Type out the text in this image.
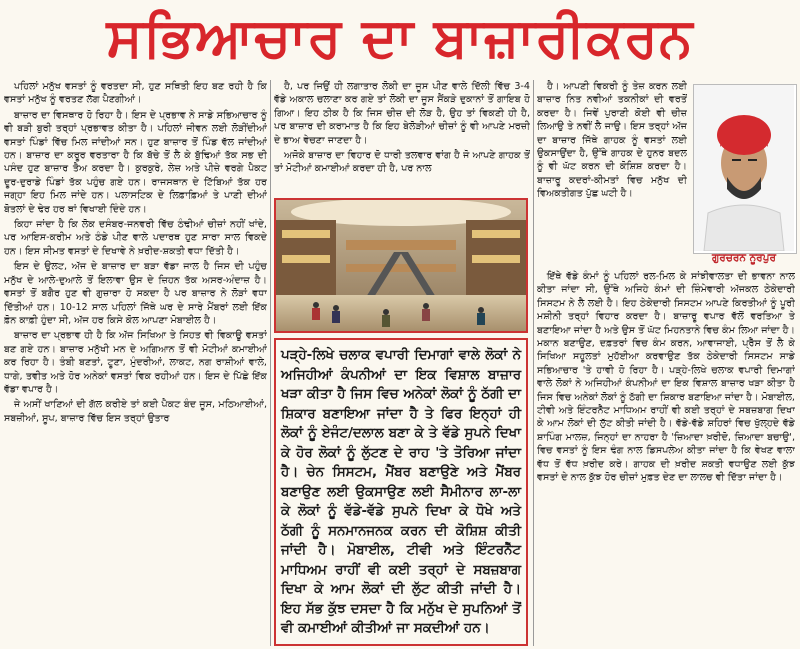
ਸਭਿਆਚਾਰ ਦਾ ਬਾਜ਼ਾਰੀਕਰਨ

ਪਹਿਲਾਂ ਮਨੁੱਖ ਵਸਤਾਂ ਨੂੰ ਵਰਤਦਾ ਸੀ, ਹੁਣ ਸਥਿਤੀ ਇਹ ਬਣ ਰਹੀ ਹੈ ਕਿ ਵਸਤਾਂ ਮਨੁੱਖ ਨੂੰ ਵਰਤਣ ਲੱਗ ਪੈਣਗੀਆਂ।

ਬਾਜ਼ਾਰ ਦਾ ਵਿਸਥਾਰ ਹੋ ਰਿਹਾ ਹੈ। ਇਸ ਦੇ ਪ੍ਰਭਾਵ ਨੇ ਸਾਡੇ ਸਭਿਆਚਾਰ ਨੂੰ ਵੀ ਬੜੀ ਬੁਰੀ ਤਰ੍ਹਾਂ ਪ੍ਰਭਾਵਤ ਕੀਤਾ ਹੈ। ਪਹਿਲਾਂ ਜੀਵਨ ਲਈ ਲੋੜੀਂਦੀਆਂ ਵਸਤਾਂ ਪਿੰਡਾਂ ਵਿੱਚ ਮਿਲ ਜਾਂਦੀਆਂ ਸਨ। ਹੁਣ ਬਾਜ਼ਾਰ ਤੋਂ ਪਿੰਡ ਵੱਲ ਜਾਂਦੀਆਂ ਹਨ। ਬਾਜ਼ਾਰ ਦਾ ਕਰੂਰ ਵਰਤਾਰਾ ਹੈ ਕਿ ਬੱਚੇ ਤੋਂ ਲੈ ਕੇ ਬੁੱਢਿਆਂ ਤੱਕ ਸਭ ਦੀ ਪਸੰਦ ਹੁਣ ਬਾਜ਼ਾਰ ਤੈਅ ਕਰਦਾ ਹੈ। ਕੁਰਕੁਰੇ, ਲੇਜ਼ ਅਤੇ ਪੀਜ਼ੇ ਵਰਗੇ ਪੈਕਟ ਦੂਰ-ਦੁਰਾਡੇ ਪਿੰਡਾਂ ਤੱਕ ਪਹੁੰਚ ਗਏ ਹਨ। ਰਾਜਸਥਾਨ ਦੇ ਟਿੱਬਿਆਂ ਤੱਕ ਹਰ ਜਗ੍ਹਾ ਇਹ ਮਿਲ ਜਾਂਦੇ ਹਨ। ਪਲਾਸਟਿਕ ਦੇ ਲਿਫ਼ਾਫ਼ਿਆਂ ਤੇ ਪਾਣੀ ਦੀਆਂ ਬੋਤਲਾਂ ਦੇ ਢੇਰ ਹਰ ਥਾਂ ਵਿਖਾਈ ਦਿੰਦੇ ਹਨ।

ਕਿਹਾ ਜਾਂਦਾ ਹੈ ਕਿ ਲੋਕ ਦਸੰਬਰ-ਜਨਵਰੀ ਵਿੱਚ ਠੰਢੀਆਂ ਚੀਜ਼ਾਂ ਨਹੀਂ ਖਾਂਦੇ, ਪਰ ਆਇਸ-ਕਰੀਮ ਅਤੇ ਠੰਡੇ ਪੀਣ ਵਾਲੇ ਪਦਾਰਥ ਹੁਣ ਸਾਰਾ ਸਾਲ ਵਿਕਦੇ ਹਨ। ਇਸ ਸੀਮਤ ਵਸਤਾਂ ਦੇ ਦਿਖਾਵੇ ਨੇ ਖ਼ਰੀਦ-ਸ਼ਕਤੀ ਵਧਾ ਦਿੱਤੀ ਹੈ।

ਇਸ ਦੇ ਉਲਟ, ਅੱਜ ਦੇ ਬਾਜ਼ਾਰ ਦਾ ਬੜਾ ਵੱਡਾ ਜਾਲ ਹੈ ਜਿਸ ਦੀ ਪਹੁੰਚ ਮਨੁੱਖ ਦੇ ਆਲੇ-ਦੁਆਲੇ ਤੋਂ ਇਲਾਵਾ ਉਸ ਦੇ ਜ਼ਿਹਨ ਤੱਕ ਅਸਰ-ਅੰਦਾਜ਼ ਹੈ। ਵਸਤਾਂ ਤੋਂ ਬਗੈਰ ਹੁਣ ਵੀ ਗੁਜ਼ਾਰਾ ਹੋ ਸਕਦਾ ਹੈ ਪਰ ਬਾਜ਼ਾਰ ਨੇ ਲੋੜਾਂ ਵਧਾ ਦਿੱਤੀਆਂ ਹਨ। 10-12 ਸਾਲ ਪਹਿਲਾਂ ਜਿੱਥੇ ਘਰ ਦੇ ਸਾਰੇ ਮੈਂਬਰਾਂ ਲਈ ਇੱਕ ਫ਼ੋਨ ਕਾਫ਼ੀ ਹੁੰਦਾ ਸੀ, ਅੱਜ ਹਰ ਕਿਸੇ ਕੋਲ ਆਪਣਾ ਮੋਬਾਈਲ ਹੈ।

ਬਾਜ਼ਾਰ ਦਾ ਪ੍ਰਭਾਵ ਹੀ ਹੈ ਕਿ ਅੱਜ ਸਿਖਿਆ ਤੇ ਸਿਹਤ ਵੀ ਵਿਕਾਊ ਵਸਤਾਂ ਬਣ ਗਏ ਹਨ। ਬਾਜ਼ਾਰ ਮਨੁੱਖੀ ਮਨ ਦੇ ਅਗਿਆਨ ਤੋਂ ਵੀ ਮੋਟੀਆਂ ਕਮਾਈਆਂ ਕਰ ਰਿਹਾ ਹੈ। ਤੰਬੀ ਬਣਤਾਂ, ਟੂਣਾ, ਮੁੰਦਰੀਆਂ, ਲਾਕਟ, ਨਗ ਰਾਸ਼ੀਆਂ ਵਾਲੇ, ਧਾਗੇ, ਤਵੀਤ ਅਤੇ ਹੋਰ ਅਨੇਕਾਂ ਵਸਤਾਂ ਵਿਕ ਰਹੀਆਂ ਹਨ। ਇਸ ਦੇ ਪਿੱਛੇ ਇੱਕ ਵੱਡਾ ਵਪਾਰ ਹੈ।

ਜੇ ਅਸੀਂ ਖਾਣਿਆਂ ਦੀ ਗੱਲ ਕਰੀਏ ਤਾਂ ਕਈ ਪੈਕਟ ਬੰਦ ਜੂਸ, ਮਠਿਆਈਆਂ, ਸਬਜ਼ੀਆਂ, ਸੂਪ, ਬਾਜ਼ਾਰ ਵਿੱਚ ਇਸ ਤਰ੍ਹਾਂ ਉਤਾਰ

ਹੈ, ਪਰ ਜਿਉਂ ਹੀ ਲਗਾਤਾਰ ਲੋਕੀ ਦਾ ਜੂਸ ਪੀਣ ਵਾਲੇ ਦਿੱਲੀ ਵਿੱਚ 3-4 ਵੱਡੇ ਅਕਾਲ ਚਲਾਣਾ ਕਰ ਗਏ ਤਾਂ ਲੋਕੀ ਦਾ ਜੂਸ ਸੈਂਕੜੇ ਦੁਕਾਨਾਂ ਤੋਂ ਗਾਇਬ ਹੋ ਗਿਆ। ਇਹ ਠੀਕ ਹੈ ਕਿ ਜਿਸ ਚੀਜ਼ ਦੀ ਲੋੜ ਹੈ, ਉਹ ਤਾਂ ਵਿਕਣੀ ਹੀ ਹੈ, ਪਰ ਬਾਜ਼ਾਰ ਦੀ ਕਰਾਮਾਤ ਹੈ ਕਿ ਇਹ ਬੇਲੋੜੀਆਂ ਚੀਜ਼ਾਂ ਨੂੰ ਵੀ ਆਪਣੇ ਮਰਜ਼ੀ ਦੇ ਭਾਅ ਵੇਚਣਾ ਜਾਣਦਾ ਹੈ।

ਅਜੋਕੇ ਬਾਜ਼ਾਰ ਦਾ ਵਿਹਾਰ ਦੋ ਧਾਰੀ ਤਲਵਾਰ ਵਾਂਗ ਹੈ ਜੋ ਆਪਣੇ ਗਾਹਕ ਤੋਂ ਤਾਂ ਮੋਟੀਆਂ ਕਮਾਈਆਂ ਕਰਦਾ ਹੀ ਹੈ, ਪਰ ਨਾਲ

ਪੜ੍ਹੇ-ਲਿਖੇ ਚਲਾਕ ਵਪਾਰੀ ਦਿਮਾਗਾਂ ਵਾਲੇ ਲੋਕਾਂ ਨੇ ਅਜਿਹੀਆਂ ਕੰਪਨੀਆਂ ਦਾ ਇਕ ਵਿਸ਼ਾਲ ਬਾਜ਼ਾਰ ਖੜਾ ਕੀਤਾ ਹੈ ਜਿਸ ਵਿਚ ਅਨੇਕਾਂ ਲੋਕਾਂ ਨੂੰ ਠੱਗੀ ਦਾ ਸ਼ਿਕਾਰ ਬਣਾਇਆ ਜਾਂਦਾ ਹੈ ਤੇ ਫਿਰ ਇਨ੍ਹਾਂ ਹੀ ਲੋਕਾਂ ਨੂੰ ਏਜੰਟ/ਦਲਾਲ ਬਣਾ ਕੇ ਤੇ ਵੱਡੇ ਸੁਪਨੇ ਦਿਖਾ ਕੇ ਹੋਰ ਲੋਕਾਂ ਨੂੰ ਲੁੱਟਣ ਦੇ ਰਾਹ 'ਤੇ ਤੋਰਿਆ ਜਾਂਦਾ ਹੈ। ਚੇਨ ਸਿਸਟਮ, ਮੈਂਬਰ ਬਣਾਉਣੇ ਅਤੇ ਮੈਂਬਰ ਬਣਾਉਣ ਲਈ ਉਕਸਾਉਣ ਲਈ ਸੈਮੀਨਾਰ ਲਾ-ਲਾ ਕੇ ਲੋਕਾਂ ਨੂੰ ਵੱਡੇ-ਵੱਡੇ ਸੁਪਨੇ ਦਿਖਾ ਕੇ ਧੋਖੇ ਅਤੇ ਠੱਗੀ ਨੂੰ ਸਨਮਾਨਜਨਕ ਕਰਨ ਦੀ ਕੋਸ਼ਿਸ਼ ਕੀਤੀ ਜਾਂਦੀ ਹੈ। ਮੋਬਾਈਲ, ਟੀਵੀ ਅਤੇ ਇੰਟਰਨੈੱਟ ਮਾਧਿਅਮ ਰਾਹੀਂ ਵੀ ਕਈ ਤਰ੍ਹਾਂ ਦੇ ਸਬਜ਼ਬਾਗ ਦਿਖਾ ਕੇ ਆਮ ਲੋਕਾਂ ਦੀ ਲੁੱਟ ਕੀਤੀ ਜਾਂਦੀ ਹੈ। ਇਹ ਸੱਭ ਕੁੱਝ ਦਸਦਾ ਹੈ ਕਿ ਮਨੁੱਖ ਦੇ ਸੁਪਨਿਆਂ ਤੋਂ ਵੀ ਕਮਾਈਆਂ ਕੀਤੀਆਂ ਜਾ ਸਕਦੀਆਂ ਹਨ।

ਹੈ। ਆਪਣੀ ਵਿਕਰੀ ਨੂੰ ਤੇਜ਼ ਕਰਨ ਲਈ ਬਾਜ਼ਾਰ ਨਿਤ ਨਵੀਆਂ ਤਕਨੀਕਾਂ ਦੀ ਵਰਤੋਂ ਕਰਦਾ ਹੈ। ਜਿਵੇਂ ਪੁਰਾਣੀ ਕੋਈ ਵੀ ਚੀਜ਼ ਲਿਆਉ ਤੇ ਨਵੀਂ ਲੈ ਜਾਉ। ਇਸ ਤਰ੍ਹਾਂ ਅੱਜ ਦਾ ਬਾਜ਼ਾਰ ਜਿੱਥੇ ਗਾਹਕ ਨੂੰ ਵਸਤਾਂ ਲਈ ਉਕਸਾਉਂਦਾ ਹੈ, ਉੱਥੇ ਗਾਹਕ ਦੇ ਹੁਨਰ ਬਦਲ ਨੂੰ ਵੀ ਘੱਟ ਕਰਨ ਦੀ ਕੋਸ਼ਿਸ਼ ਕਰਦਾ ਹੈ। ਬਾਜ਼ਾਰੂ ਕਦਰਾਂ-ਕੀਮਤਾਂ ਵਿਚ ਮਨੁੱਖ ਦੀ ਵਿਅਕਤੀਗਤ ਪੁੱਛ ਘਟੀ ਹੈ।

ਗੁਰਚਰਨ ਨੂਰਪੁਰ

ਇੱਥੇ ਵੱਡੇ ਕੰਮਾਂ ਨੂੰ ਪਹਿਲਾਂ ਰਲ-ਮਿਲ ਕੇ ਸਾਂਝੀਵਾਲਤਾ ਦੀ ਭਾਵਨਾ ਨਾਲ ਕੀਤਾ ਜਾਂਦਾ ਸੀ, ਉੱਥੇ ਅਜਿਹੇ ਕੰਮਾਂ ਦੀ ਜ਼ਿੰਮੇਵਾਰੀ ਅੱਜਕਲ ਠੇਕੇਦਾਰੀ ਸਿਸਟਮ ਨੇ ਲੈ ਲਈ ਹੈ। ਇਹ ਠੇਕੇਦਾਰੀ ਸਿਸਟਮ ਆਪਣੇ ਕਿਰਤੀਆਂ ਨੂੰ ਪੂਰੀ ਮਸ਼ੀਨੀ ਤਰ੍ਹਾਂ ਵਿਹਾਰ ਕਰਦਾ ਹੈ। ਬਾਜ਼ਾਰੂ ਵਪਾਰ ਵੱਲੋਂ ਵਰਤਿਆ ਤੇ ਬਣਾਇਆ ਜਾਂਦਾ ਹੈ ਅਤੇ ਉਸ ਤੋਂ ਘੱਟ ਮਿਹਨਤਾਨੇ ਵਿਚ ਕੰਮ ਲਿਆ ਜਾਂਦਾ ਹੈ। ਮਕਾਨ ਬਣਾਉਣ, ਦਫ਼ਤਰਾਂ ਵਿਚ ਕੰਮ ਕਰਨ, ਆਵਾਜਾਈ, ਪ੍ਰੈੱਸ ਤੋਂ ਲੈ ਕੇ ਸਿਖਿਆ ਸਹੂਲਤਾਂ ਮੁਹੱਈਆ ਕਰਵਾਉਣ ਤੱਕ ਠੇਕੇਦਾਰੀ ਸਿਸਟਮ ਸਾਡੇ ਸਭਿਆਚਾਰ 'ਤੇ ਹਾਵੀ ਹੋ ਰਿਹਾ ਹੈ। ਪੜ੍ਹੇ-ਲਿਖੇ ਚਲਾਕ ਵਪਾਰੀ ਦਿਮਾਗਾਂ ਵਾਲੇ ਲੋਕਾਂ ਨੇ ਅਜਿਹੀਆਂ ਕੰਪਨੀਆਂ ਦਾ ਇਕ ਵਿਸ਼ਾਲ ਬਾਜ਼ਾਰ ਖੜਾ ਕੀਤਾ ਹੈ ਜਿਸ ਵਿਚ ਅਨੇਕਾਂ ਲੋਕਾਂ ਨੂੰ ਠੱਗੀ ਦਾ ਸ਼ਿਕਾਰ ਬਣਾਇਆ ਜਾਂਦਾ ਹੈ। ਮੋਬਾਈਲ, ਟੀਵੀ ਅਤੇ ਇੰਟਰਨੈੱਟ ਮਾਧਿਅਮ ਰਾਹੀਂ ਵੀ ਕਈ ਤਰ੍ਹਾਂ ਦੇ ਸਬਜ਼ਬਾਗ ਦਿਖਾ ਕੇ ਆਮ ਲੋਕਾਂ ਦੀ ਲੁੱਟ ਕੀਤੀ ਜਾਂਦੀ ਹੈ। ਵੱਡੇ-ਵੱਡੇ ਸ਼ਹਿਰਾਂ ਵਿਚ ਖੁੱਲ੍ਹਦੇ ਵੱਡੇ ਸ਼ਾਪਿੰਗ ਮਾਲਜ਼, ਜਿਨ੍ਹਾਂ ਦਾ ਨਾਹਰਾ ਹੈ 'ਜ਼ਿਆਦਾ ਖ਼ਰੀਦੋ, ਜ਼ਿਆਦਾ ਬਚਾਉ', ਵਿਚ ਵਸਤਾਂ ਨੂੰ ਇਸ ਢੰਗ ਨਾਲ ਡਿਸਪਲੇਅ ਕੀਤਾ ਜਾਂਦਾ ਹੈ ਕਿ ਵੇਖਣ ਵਾਲਾ ਵੱਧ ਤੋਂ ਵੱਧ ਖ਼ਰੀਦ ਕਰੇ। ਗਾਹਕ ਦੀ ਖ਼ਰੀਦ ਸ਼ਕਤੀ ਵਧਾਉਣ ਲਈ ਕੁੱਝ ਵਸਤਾਂ ਦੇ ਨਾਲ ਕੁੱਝ ਹੋਰ ਚੀਜ਼ਾਂ ਮੁਫ਼ਤ ਦੇਣ ਦਾ ਲਾਲਚ ਵੀ ਦਿੱਤਾ ਜਾਂਦਾ ਹੈ।
